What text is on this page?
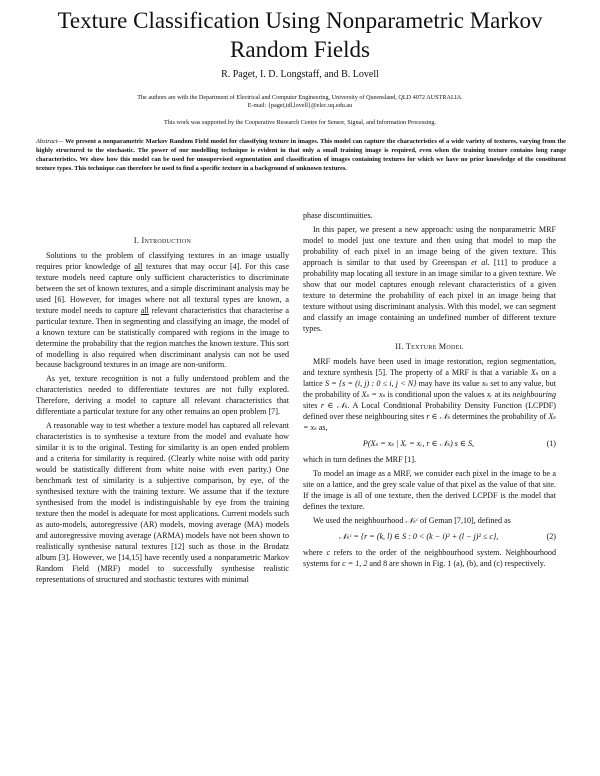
Texture Classification Using Nonparametric Markov Random Fields
R. Paget, I. D. Longstaff, and B. Lovell
The authors are with the Department of Electrical and Computer Engineering, University of Queensland, QLD 4072 AUSTRALIA.
E-mail: {paget,idl,lovell}@elec.uq.edu.au
This work was supported by the Cooperative Research Centre for Sensor, Signal, and Information Processing.
Abstract— We present a nonparametric Markov Random Field model for classifying texture in images. This model can capture the characteristics of a wide variety of textures, varying from the highly structured to the stochastic. The power of our modelling technique is evident in that only a small training image is required, even when the training texture contains long range characteristics. We show how this model can be used for unsupervised segmentation and classification of images containing textures for which we have no prior knowledge of the constituent texture types. This technique can therefore be used to find a specific texture in a background of unknown textures.
I. Introduction

Solutions to the problem of classifying textures in an image usually requires prior knowledge of all textures that may occur [4]. For this case texture models need capture only sufficient characteristics to discriminate between the set of known textures, and a simple discriminant analysis may be used [6]. However, for images where not all textural types are known, a texture model needs to capture all relevant characteristics that characterise a particular texture. Then in segmenting and classifying an image, the model of a known texture can be statistically compared with regions in the image to determine the probability that the region matches the known texture. This sort of modelling is also required when discriminant analysis can not be used because background textures in an image are non-uniform.

As yet, texture recognition is not a fully understood problem and the characteristics needed to differentiate textures are not fully explored. Therefore, deriving a model to capture all relevant characteristics that differentiate a particular texture for any other remains an open problem [7].

A reasonable way to test whether a texture model has captured all relevant characteristics is to synthesise a texture from the model and evaluate how similar it is to the original. Testing for similarity is an open ended problem and a criteria for similarity is required. (Clearly white noise with odd parity would be statistically different from white noise with even parity.) One benchmark test of similarity is a subjective comparison, by eye, of the synthesised texture with the training texture. We assume that if the texture synthesised from the model is indistinguishable by eye from the training texture then the model is adequate for most applications. Current models such as auto-models, autoregressive (AR) models, moving average (MA) models and autoregressive moving average (ARMA) models have not been shown to realistically synthesise natural textures [12] such as those in the Brodatz album [3]. However, we [14,15] have recently used a nonparametric Markov Random Field (MRF) model to successfully synthesise realistic representations of structured and stochastic textures with minimal

phase discontinuities.

In this paper, we present a new approach: using the nonparametric MRF model to model just one texture and then using that model to map the probability of each pixel in an image being of the given texture. This approach is similar to that used by Greenspan et al. [11] to produce a probability map locating all texture in an image similar to a given texture. We show that our model captures enough relevant characteristics of a given texture to determine the probability of each pixel in an image being that texture without using discriminant analysis. With this model, we can segment and classify an image containing an undefined number of different texture types.

II. Texture Model

MRF models have been used in image restoration, region segmentation, and texture synthesis [5]. The property of a MRF is that a variable Xₛ on a lattice S = {s = (i, j) : 0 ≤ i, j < N} may have its value xₛ set to any value, but the probability of Xₛ = xₛ is conditional upon the values xᵣ at its neighbouring sites r ∈ 𝒩ₛ. A Local Conditional Probability Density Function (LCPDF) defined over these neighbouring sites r ∈ 𝒩ₛ determines the probability of Xₛ = xₛ as,

P(Xₛ = xₛ | Xᵣ = xᵣ, r ∈ 𝒩ₛ) s ∈ S,	(1)

which in turn defines the MRF [1].

To model an image as a MRF, we consider each pixel in the image to be a site on a lattice, and the grey scale value of that pixel as the value of that site. If the image is all of one texture, then the derived LCPDF is the model that defines the texture.

We used the neighbourhood 𝒩ₛᶜ of Geman [7,10], defined as

𝒩ₛᶜ = {r = (k, l) ∈ S : 0 < (k − i)² + (l − j)² ≤ c},	(2)

where c refers to the order of the neighbourhood system. Neighbourhood systems for c = 1, 2 and 8 are shown in Fig. 1 (a), (b), and (c) respectively.
